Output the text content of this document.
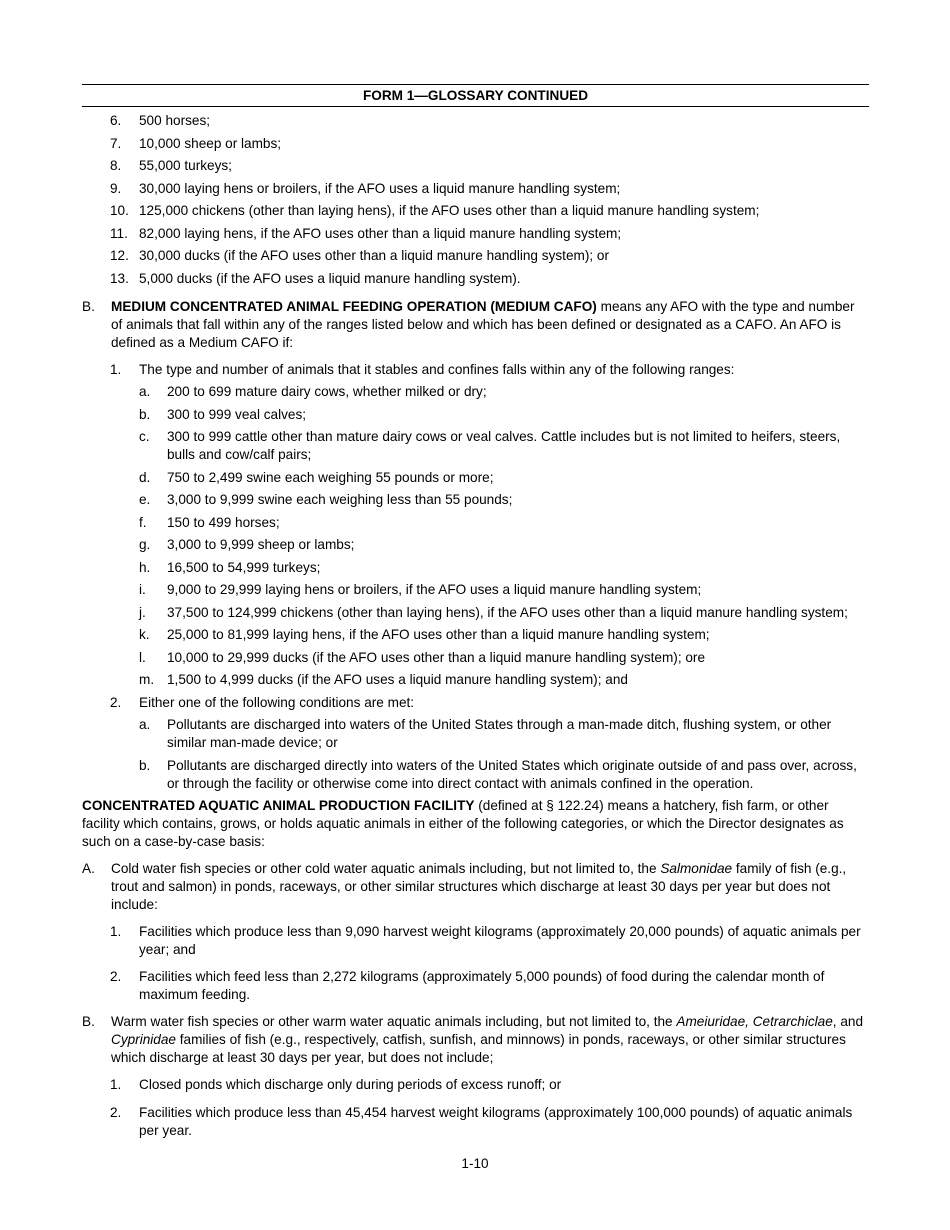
FORM 1—GLOSSARY CONTINUED
6. 500 horses;
7. 10,000 sheep or lambs;
8. 55,000 turkeys;
9. 30,000 laying hens or broilers, if the AFO uses a liquid manure handling system;
10. 125,000 chickens (other than laying hens), if the AFO uses other than a liquid manure handling system;
11. 82,000 laying hens, if the AFO uses other than a liquid manure handling system;
12. 30,000 ducks (if the AFO uses other than a liquid manure handling system); or
13. 5,000 ducks (if the AFO uses a liquid manure handling system).
B. MEDIUM CONCENTRATED ANIMAL FEEDING OPERATION (MEDIUM CAFO) means any AFO with the type and number of animals that fall within any of the ranges listed below and which has been defined or designated as a CAFO. An AFO is defined as a Medium CAFO if:
1. The type and number of animals that it stables and confines falls within any of the following ranges:
a. 200 to 699 mature dairy cows, whether milked or dry;
b. 300 to 999 veal calves;
c. 300 to 999 cattle other than mature dairy cows or veal calves. Cattle includes but is not limited to heifers, steers, bulls and cow/calf pairs;
d. 750 to 2,499 swine each weighing 55 pounds or more;
e. 3,000 to 9,999 swine each weighing less than 55 pounds;
f. 150 to 499 horses;
g. 3,000 to 9,999 sheep or lambs;
h. 16,500 to 54,999 turkeys;
i. 9,000 to 29,999 laying hens or broilers, if the AFO uses a liquid manure handling system;
j. 37,500 to 124,999 chickens (other than laying hens), if the AFO uses other than a liquid manure handling system;
k. 25,000 to 81,999 laying hens, if the AFO uses other than a liquid manure handling system;
l. 10,000 to 29,999 ducks (if the AFO uses other than a liquid manure handling system); ore
m. 1,500 to 4,999 ducks (if the AFO uses a liquid manure handling system); and
2. Either one of the following conditions are met:
a. Pollutants are discharged into waters of the United States through a man-made ditch, flushing system, or other similar man-made device; or
b. Pollutants are discharged directly into waters of the United States which originate outside of and pass over, across, or through the facility or otherwise come into direct contact with animals confined in the operation.
CONCENTRATED AQUATIC ANIMAL PRODUCTION FACILITY (defined at § 122.24) means a hatchery, fish farm, or other facility which contains, grows, or holds aquatic animals in either of the following categories, or which the Director designates as such on a case-by-case basis:
A. Cold water fish species or other cold water aquatic animals including, but not limited to, the Salmonidae family of fish (e.g., trout and salmon) in ponds, raceways, or other similar structures which discharge at least 30 days per year but does not include:
1. Facilities which produce less than 9,090 harvest weight kilograms (approximately 20,000 pounds) of aquatic animals per year; and
2. Facilities which feed less than 2,272 kilograms (approximately 5,000 pounds) of food during the calendar month of maximum feeding.
B. Warm water fish species or other warm water aquatic animals including, but not limited to, the Ameiuridae, Cetrarchiclae, and Cyprinidae families of fish (e.g., respectively, catfish, sunfish, and minnows) in ponds, raceways, or other similar structures which discharge at least 30 days per year, but does not include;
1. Closed ponds which discharge only during periods of excess runoff; or
2. Facilities which produce less than 45,454 harvest weight kilograms (approximately 100,000 pounds) of aquatic animals per year.
1-10
